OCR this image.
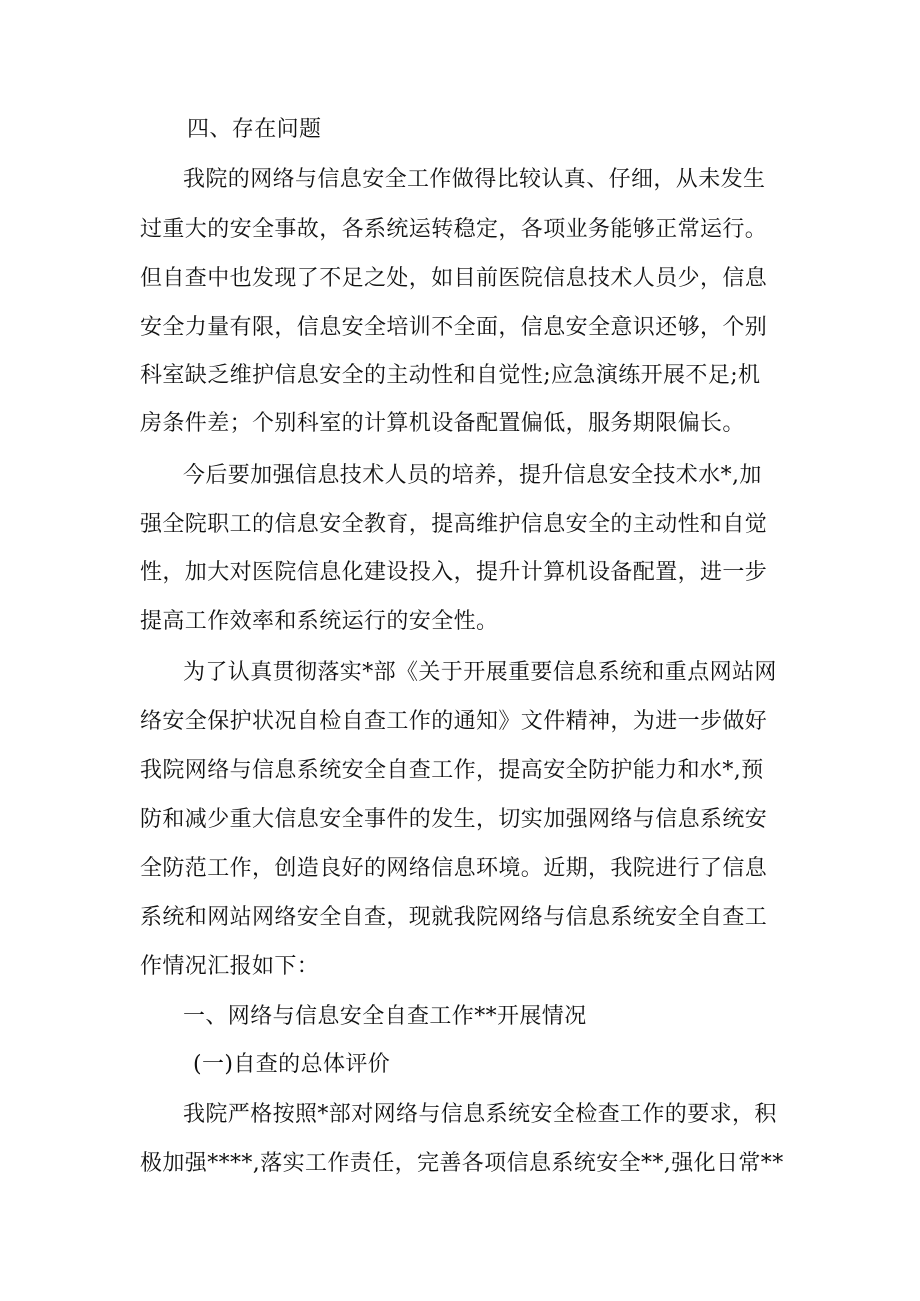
四、存在问题

我院的网络与信息安全工作做得比较认真、仔细，从未发生

过重大的安全事故，各系统运转稳定，各项业务能够正常运行。

但自查中也发现了不足之处，如目前医院信息技术人员少，信息

安全力量有限，信息安全培训不全面，信息安全意识还够，个别

科室缺乏维护信息安全的主动性和自觉性;应急演练开展不足;机

房条件差；个别科室的计算机设备配置偏低，服务期限偏长。

今后要加强信息技术人员的培养，提升信息安全技术水*,加

强全院职工的信息安全教育，提高维护信息安全的主动性和自觉

性，加大对医院信息化建设投入，提升计算机设备配置，进一步

提高工作效率和系统运行的安全性。

为了认真贯彻落实*部《关于开展重要信息系统和重点网站网

络安全保护状况自检自查工作的通知》文件精神，为进一步做好

我院网络与信息系统安全自查工作，提高安全防护能力和水*,预

防和减少重大信息安全事件的发生，切实加强网络与信息系统安

全防范工作，创造良好的网络信息环境。近期，我院进行了信息

系统和网站网络安全自查，现就我院网络与信息系统安全自查工

作情况汇报如下：

一、网络与信息安全自查工作**开展情况

(一)自查的总体评价

我院严格按照*部对网络与信息系统安全检查工作的要求，积

极加强****,落实工作责任，完善各项信息系统安全**,强化日常**
